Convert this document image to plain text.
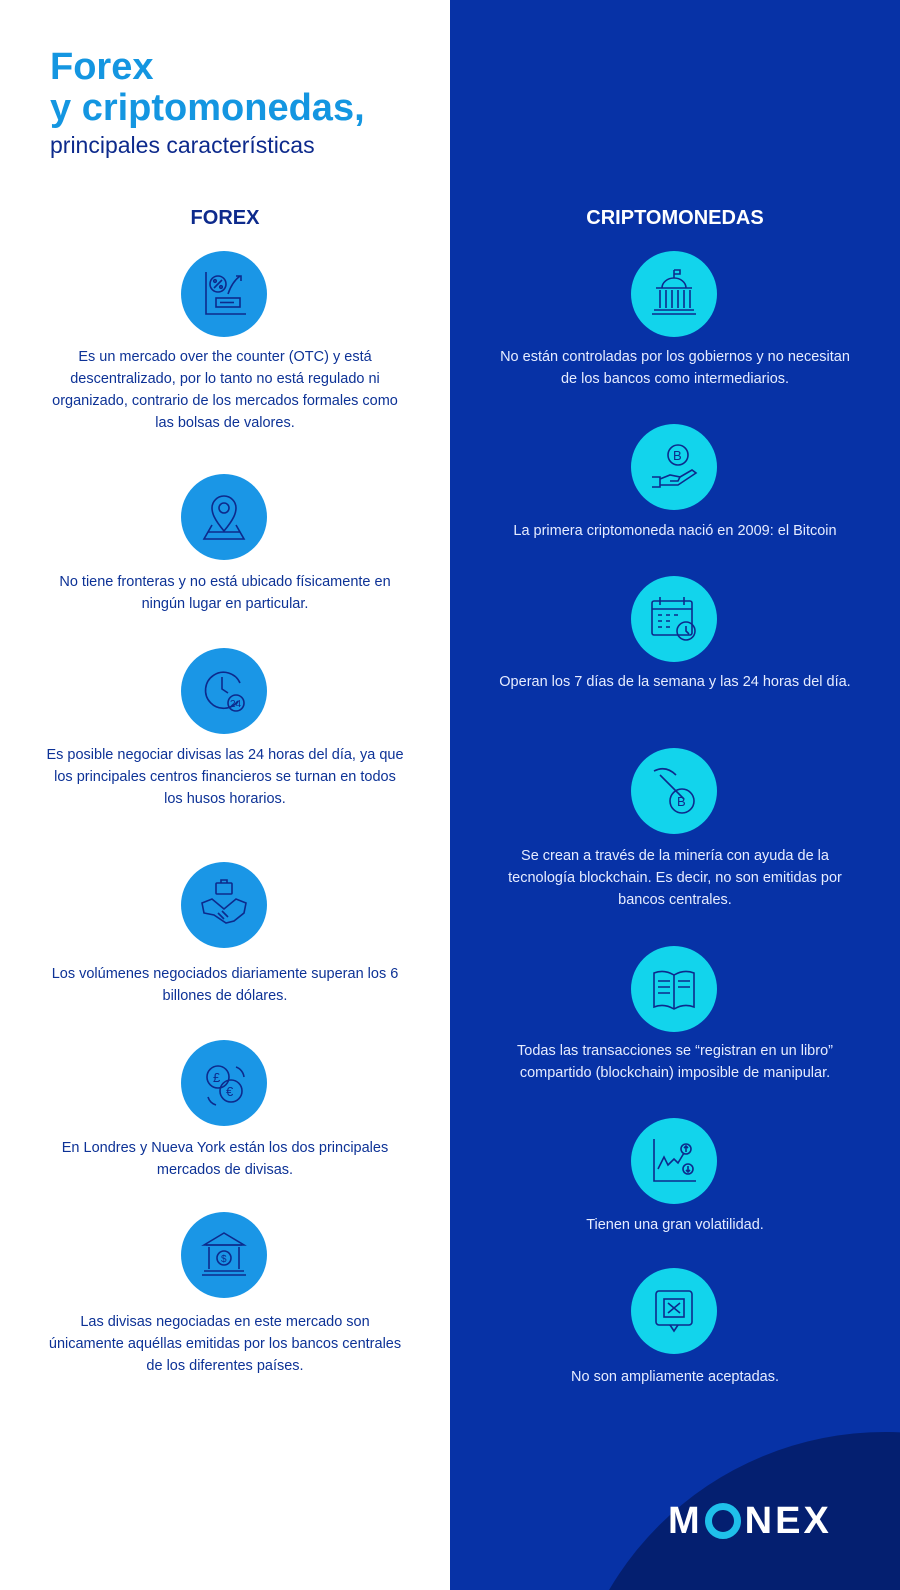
Forex
y criptomonedas,

principales características

FOREX	CRIPTOMONEDAS
Es un mercado over the counter (OTC) y está descentralizado, por lo tanto no está regulado ni organizado, contrario de los mercados formales como las bolsas de valores.
No tiene fronteras y no está ubicado físicamente en ningún lugar en particular.
24
Es posible negociar divisas las 24 horas del día, ya que los principales centros financieros se turnan en todos los husos horarios.
Los volúmenes negociados diariamente superan los 6 billones de dólares.
£
€
En Londres y Nueva York están los dos principales mercados de divisas.
$
Las divisas negociadas en este mercado son únicamente aquéllas emitidas por los bancos centrales de los diferentes países.
No están controladas por los gobiernos y no necesitan de los bancos como intermediarios.
B
La primera criptomoneda nació en 2009: el Bitcoin
Operan los 7 días de la semana y las 24 horas del día.
B
Se crean a través de la minería con ayuda de la tecnología blockchain. Es decir, no son emitidas por bancos centrales.
Todas las transacciones se “registran en un libro” compartido (blockchain) imposible de manipular.
Tienen una gran volatilidad.
No son ampliamente aceptadas.
M NEX
